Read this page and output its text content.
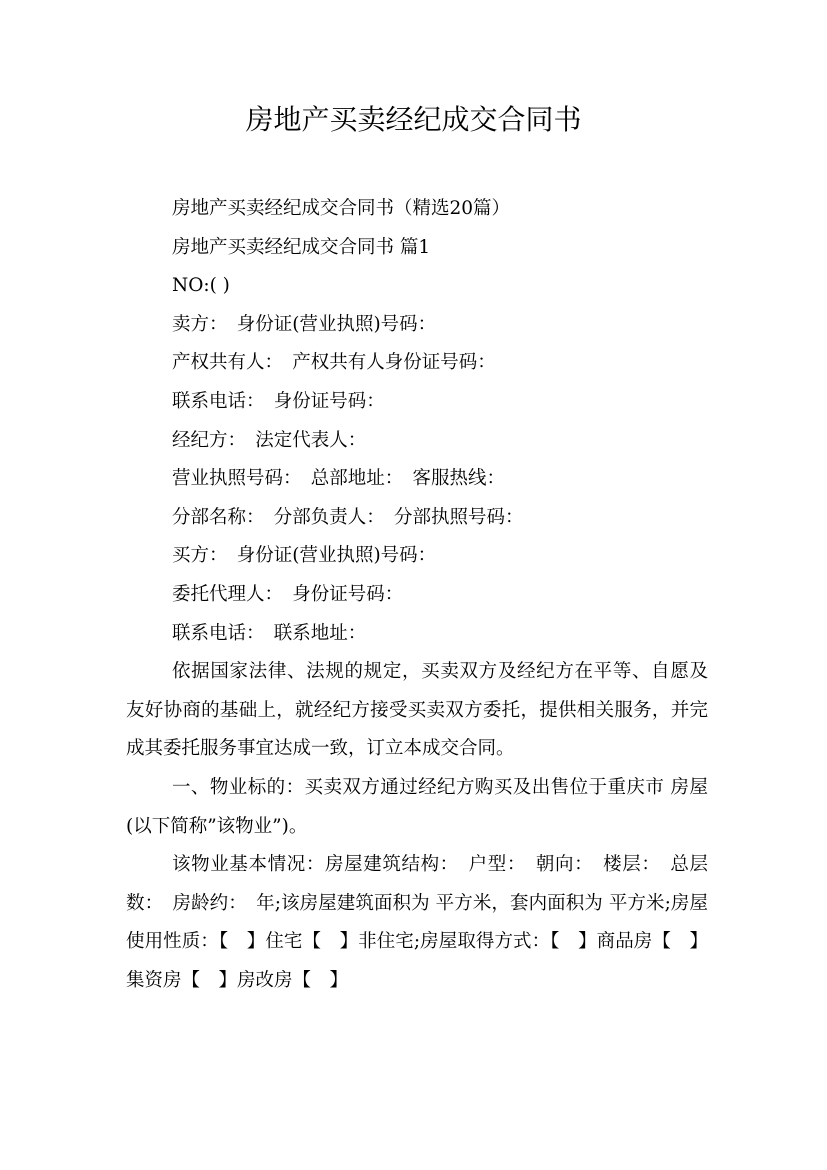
房地产买卖经纪成交合同书

房地产买卖经纪成交合同书（精选20篇）

房地产买卖经纪成交合同书 篇1

NO:( )

卖方：　身份证(营业执照)号码：

产权共有人：　产权共有人身份证号码：

联系电话：　身份证号码：

经纪方：　法定代表人：

营业执照号码：　总部地址：　客服热线：

分部名称：　分部负责人：　分部执照号码：

买方：　身份证(营业执照)号码：

委托代理人：　身份证号码：

联系电话：　联系地址：

依据国家法律、法规的规定，买卖双方及经纪方在平等、自愿及友好协商的基础上，就经纪方接受买卖双方委托，提供相关服务，并完成其委托服务事宜达成一致，订立本成交合同。

一、物业标的：买卖双方通过经纪方购买及出售位于重庆市 房屋(以下简称”该物业”)。

该物业基本情况：房屋建筑结构：　户型：　朝向：　楼层：　总层数：　房龄约：　年;该房屋建筑面积为 平方米，套内面积为 平方米;房屋使用性质：【　】住宅【　】非住宅;房屋取得方式：【　】商品房【　】集资房【　】房改房【　】
